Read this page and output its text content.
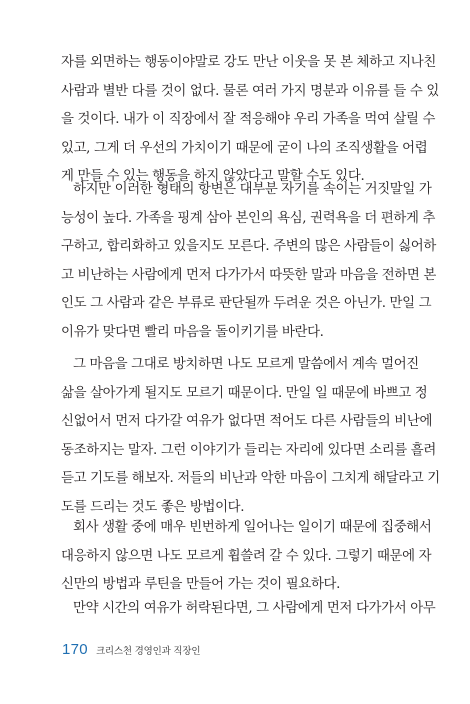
자를 외면하는 행동이야말로 강도 만난 이웃을 못 본 체하고 지나친
사람과 별반 다를 것이 없다. 물론 여러 가지 명분과 이유를 들 수 있
을 것이다. 내가 이 직장에서 잘 적응해야 우리 가족을 먹여 살릴 수
있고, 그게 더 우선의 가치이기 때문에 굳이 나의 조직생활을 어렵
게 만들 수 있는 행동을 하지 않았다고 말할 수도 있다.
하지만 이러한 형태의 항변은 대부분 자기를 속이는 거짓말일 가
능성이 높다. 가족을 핑계 삼아 본인의 욕심, 권력욕을 더 편하게 추
구하고, 합리화하고 있을지도 모른다. 주변의 많은 사람들이 싫어하
고 비난하는 사람에게 먼저 다가가서 따뜻한 말과 마음을 전하면 본
인도 그 사람과 같은 부류로 판단될까 두려운 것은 아닌가. 만일 그
이유가 맞다면 빨리 마음을 돌이키기를 바란다.
그 마음을 그대로 방치하면 나도 모르게 말씀에서 계속 멀어진
삶을 살아가게 될지도 모르기 때문이다. 만일 일 때문에 바쁘고 정
신없어서 먼저 다가갈 여유가 없다면 적어도 다른 사람들의 비난에
동조하지는 말자. 그런 이야기가 들리는 자리에 있다면 소리를 흘려
듣고 기도를 해보자. 저들의 비난과 악한 마음이 그치게 해달라고 기
도를 드리는 것도 좋은 방법이다.
회사 생활 중에 매우 빈번하게 일어나는 일이기 때문에 집중해서
대응하지 않으면 나도 모르게 휩쓸려 갈 수 있다. 그렇기 때문에 자
신만의 방법과 루틴을 만들어 가는 것이 필요하다.
만약 시간의 여유가 허락된다면, 그 사람에게 먼저 다가가서 아무
170 크리스천 경영인과 직장인
